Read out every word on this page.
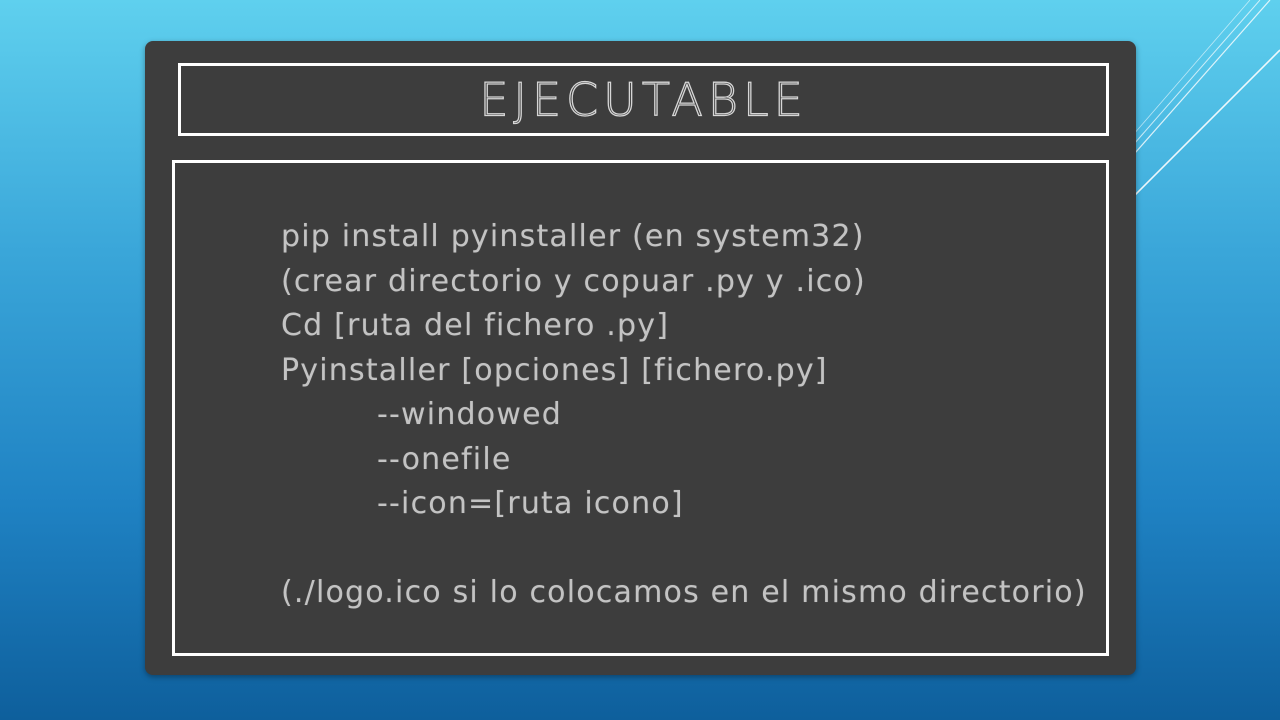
EJECUTABLE
pip install pyinstaller (en system32)
(crear directorio y copuar .py y .ico)
Cd [ruta del fichero .py]
Pyinstaller [opciones] [fichero.py]
--windowed
--onefile
--icon=[ruta icono]
(./logo.ico si lo colocamos en el mismo directorio)
